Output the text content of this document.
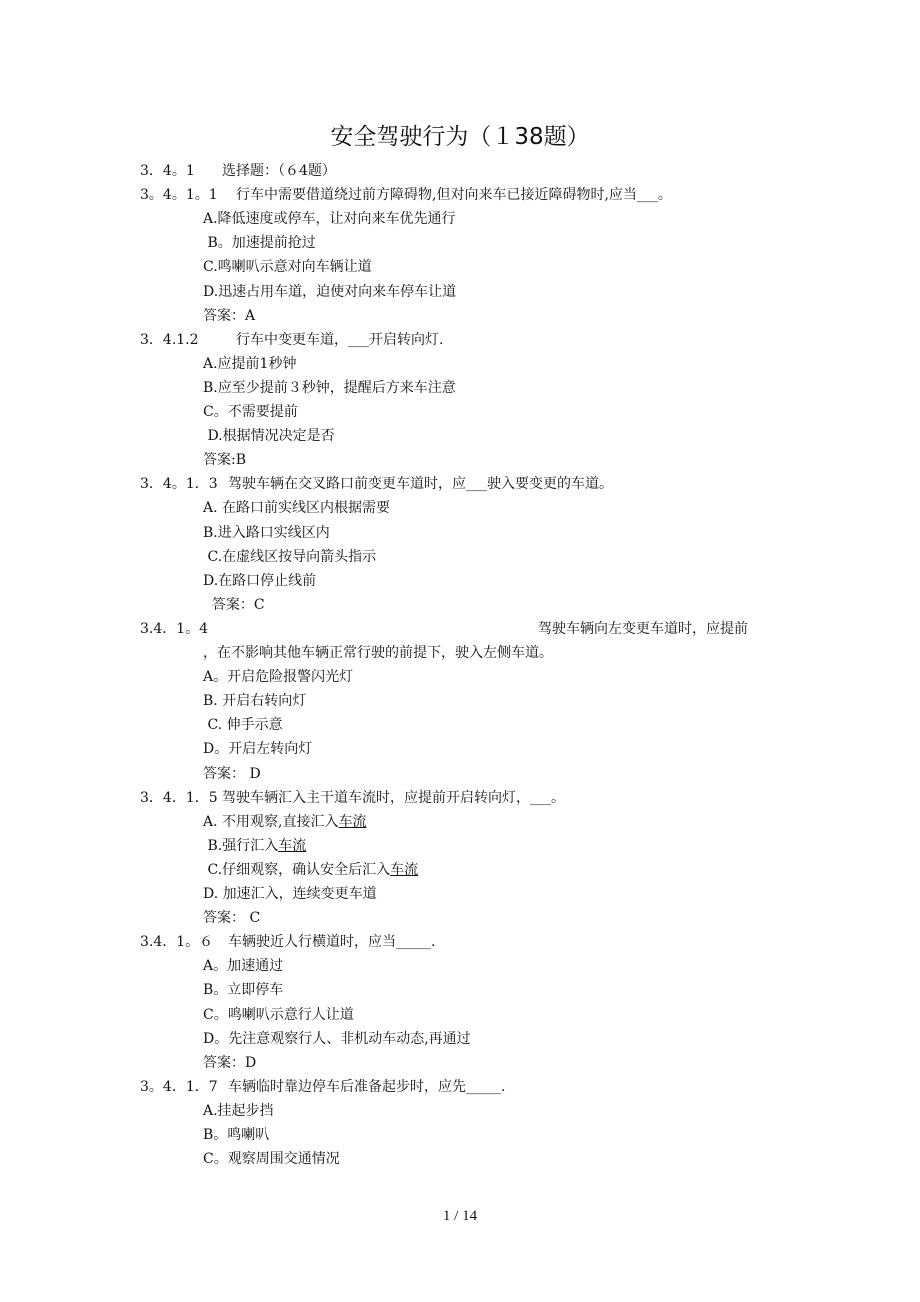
安全驾驶行为（１38题）
3．4。1 选择题：（６4题）
3。4。1。1 行车中需要借道绕过前方障碍物,但对向来车已接近障碍物时,应当___。
A.降低速度或停车，让对向来车优先通行
B。加速提前抢过
C.鸣喇叭示意对向车辆让道
D.迅速占用车道，迫使对向来车停车让道
答案：A
3．4.1.2	行车中变更车道，___开启转向灯.
A.应提前1秒钟
B.应至少提前３秒钟，提醒后方来车注意
C。不需要提前
D.根据情况决定是否
答案:B
3．4。1．3 驾驶车辆在交叉路口前变更车道时，应___驶入要变更的车道。
A. 在路口前实线区内根据需要
B.进入路口实线区内
C.在虚线区按导向箭头指示
D.在路口停止线前
答案：C
3.4．1。4	驾驶车辆向左变更车道时，应提前
，在不影响其他车辆正常行驶的前提下，驶入左侧车道。
A。开启危险报警闪光灯
B. 开启右转向灯
C. 伸手示意
D。开启左转向灯
答案： D
3．4．1．5 驾驶车辆汇入主干道车流时，应提前开启转向灯，___。
A. 不用观察,直接汇入车流
B.强行汇入车流
C.仔细观察，确认安全后汇入车流
D. 加速汇入，连续变更车道
答案： C
3.4．1。６ 车辆驶近人行横道时，应当_____.
A。加速通过
B。立即停车
C。鸣喇叭示意行人让道
D。先注意观察行人、非机动车动态,再通过
答案：D
3。4．1．7 车辆临时靠边停车后准备起步时，应先_____.
A.挂起步挡
B。鸣喇叭
C。观察周围交通情况
1 / 14
